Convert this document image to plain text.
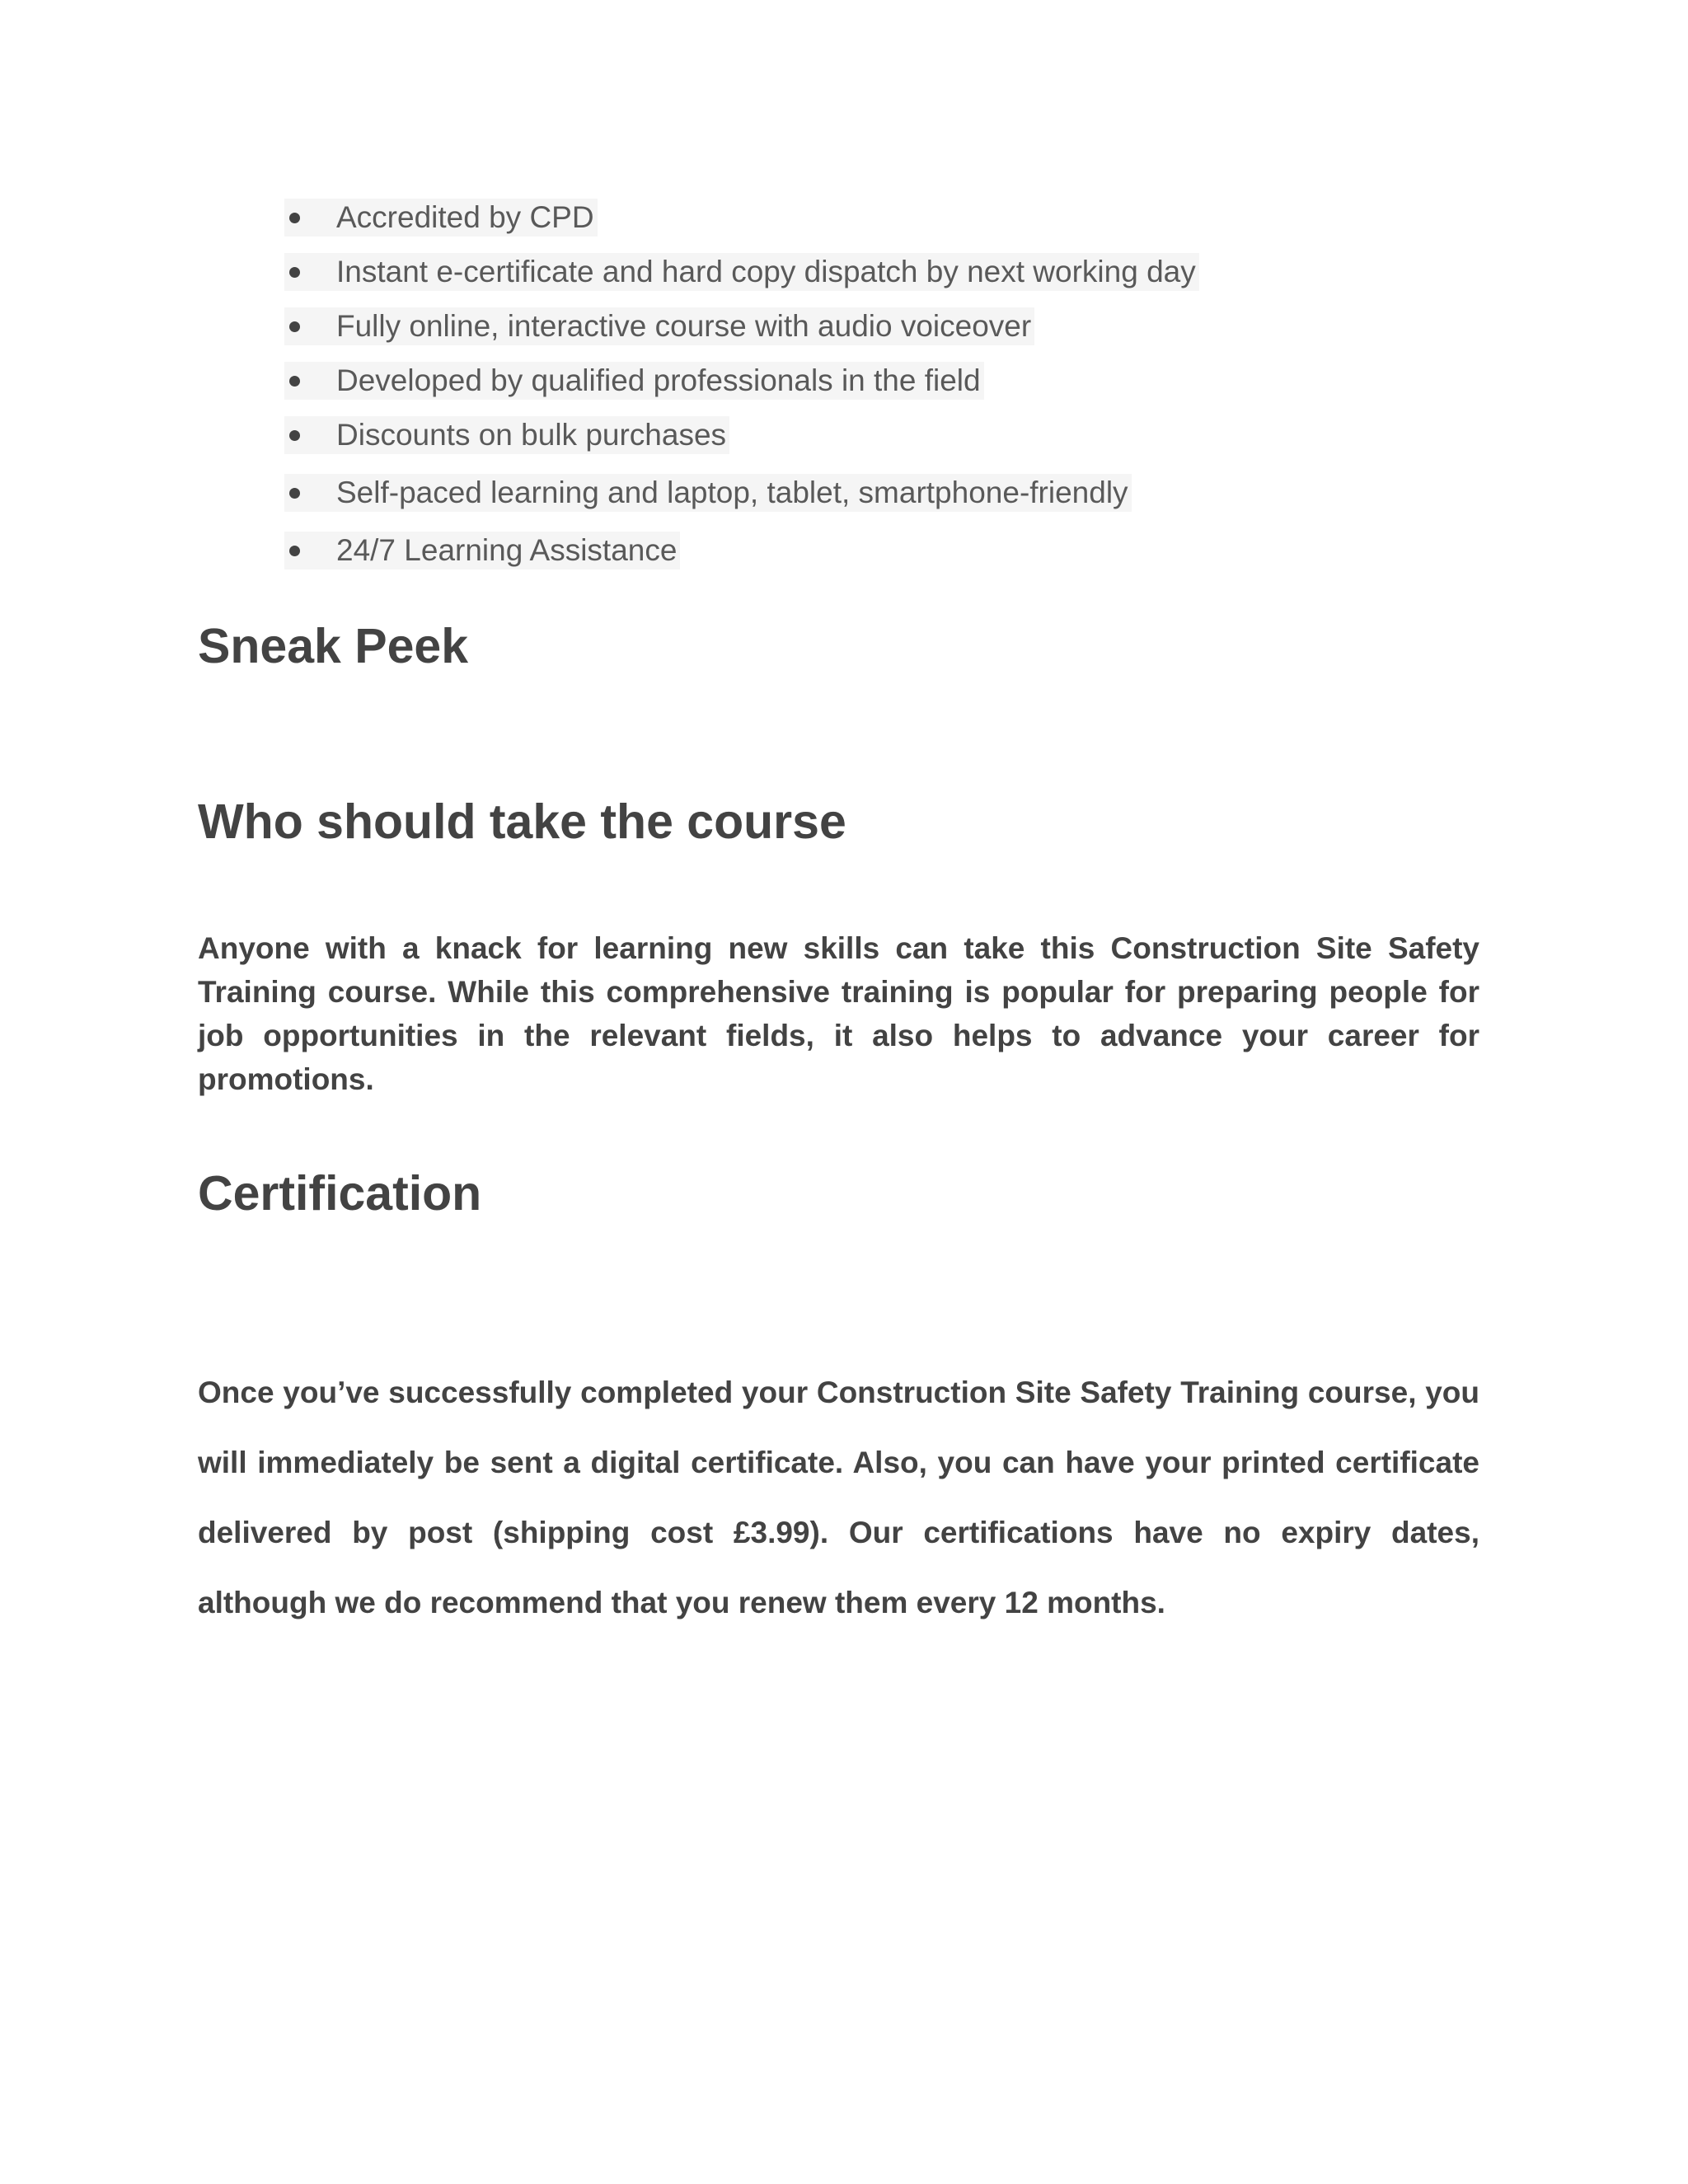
Accredited by CPD
Instant e-certificate and hard copy dispatch by next working day
Fully online, interactive course with audio voiceover
Developed by qualified professionals in the field
Discounts on bulk purchases
Self-paced learning and laptop, tablet, smartphone-friendly
24/7 Learning Assistance
Sneak Peek
Who should take the course

Anyone with a knack for learning new skills can take this Construction Site Safety Training course. While this comprehensive training is popular for preparing people for job opportunities in the relevant fields, it also helps to advance your career for promotions.

Certification

Once you’ve successfully completed your Construction Site Safety Training course, you will immediately be sent a digital certificate. Also, you can have your printed certificate delivered by post (shipping cost £3.99). Our certifications have no expiry dates, although we do recommend that you renew them every 12 months.
